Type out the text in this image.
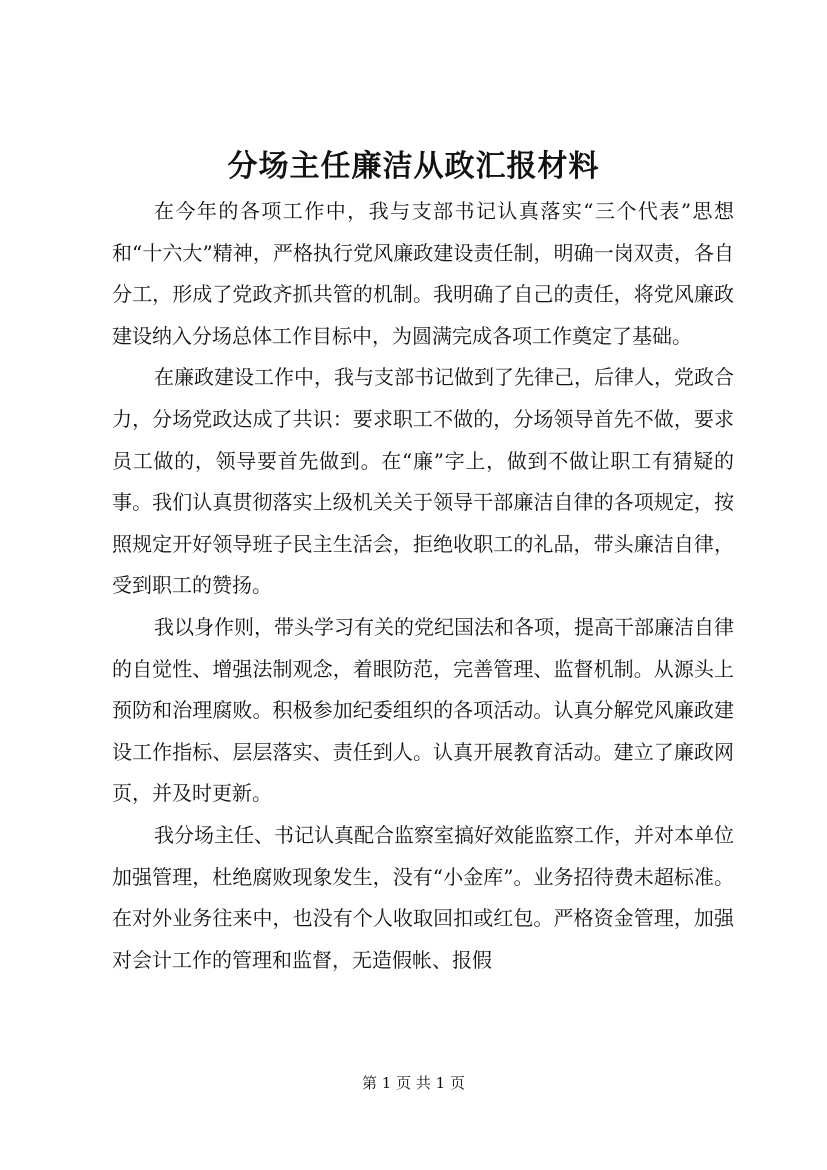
分场主任廉洁从政汇报材料

在今年的各项工作中，我与支部书记认真落实“三个代表”思想和“十六大”精神，严格执行党风廉政建设责任制，明确一岗双责，各自分工，形成了党政齐抓共管的机制。我明确了自己的责任，将党风廉政建设纳入分场总体工作目标中，为圆满完成各项工作奠定了基础。

在廉政建设工作中，我与支部书记做到了先律己，后律人，党政合力，分场党政达成了共识：要求职工不做的，分场领导首先不做，要求员工做的，领导要首先做到。在“廉”字上，做到不做让职工有猜疑的事。我们认真贯彻落实上级机关关于领导干部廉洁自律的各项规定，按照规定开好领导班子民主生活会，拒绝收职工的礼品，带头廉洁自律，受到职工的赞扬。

我以身作则，带头学习有关的党纪国法和各项，提高干部廉洁自律的自觉性、增强法制观念，着眼防范，完善管理、监督机制。从源头上预防和治理腐败。积极参加纪委组织的各项活动。认真分解党风廉政建设工作指标、层层落实、责任到人。认真开展教育活动。建立了廉政网页，并及时更新。

我分场主任、书记认真配合监察室搞好效能监察工作，并对本单位加强管理，杜绝腐败现象发生，没有“小金库”。业务招待费未超标准。在对外业务往来中，也没有个人收取回扣或红包。严格资金管理，加强对会计工作的管理和监督，无造假帐、报假

第 1 页 共 1 页
